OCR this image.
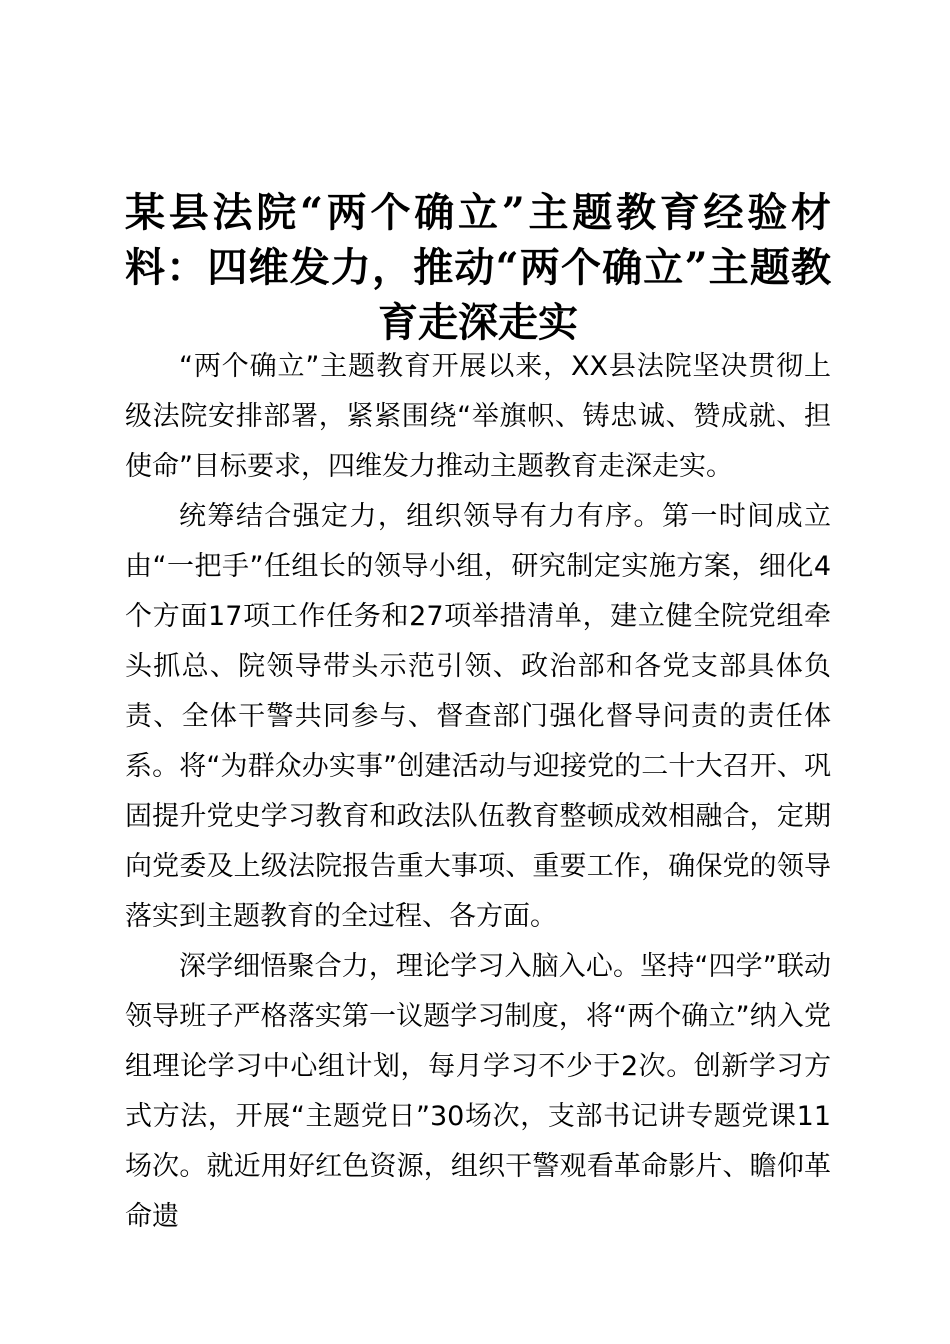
某县法院“两个确立”主题教育经验材料：四维发力，推动“两个确立”主题教育走深走实

“两个确立”主题教育开展以来，XX县法院坚决贯彻上级法院安排部署，紧紧围绕“举旗帜、铸忠诚、赞成就、担使命”目标要求，四维发力推动主题教育走深走实。

统筹结合强定力，组织领导有力有序。第一时间成立由“一把手”任组长的领导小组，研究制定实施方案，细化4个方面17项工作任务和27项举措清单，建立健全院党组牵头抓总、院领导带头示范引领、政治部和各党支部具体负责、全体干警共同参与、督查部门强化督导问责的责任体系。将“为群众办实事”创建活动与迎接党的二十大召开、巩固提升党史学习教育和政法队伍教育整顿成效相融合，定期向党委及上级法院报告重大事项、重要工作，确保党的领导落实到主题教育的全过程、各方面。

深学细悟聚合力，理论学习入脑入心。坚持“四学”联动领导班子严格落实第一议题学习制度，将“两个确立”纳入党组理论学习中心组计划，每月学习不少于2次。创新学习方式方法，开展“主题党日”30场次，支部书记讲专题党课11场次。就近用好红色资源，组织干警观看革命影片、瞻仰革命遗
